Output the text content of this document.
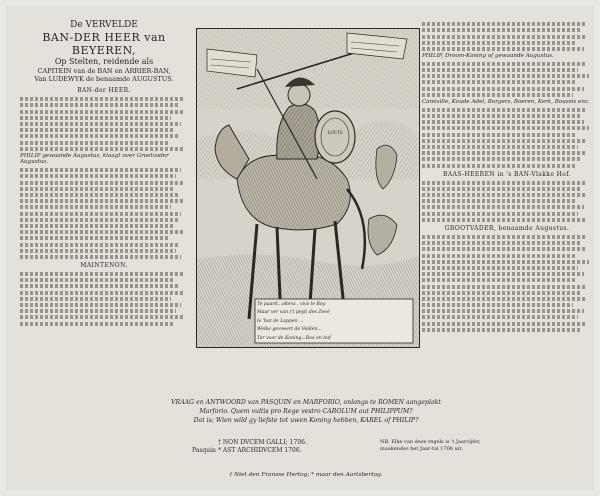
De VERVELDE
BAN-DER HEER van
BEYEREN,
Op Stelten, reidende als
CAPITEIN van de BAN en ARRIER-BAN,
Van LUDEWYK de benaamde AUGUSTUS.
BAN-der HEER.
PHILIP gewaande Augustus, klaagt over Groetvader Augustus.
MAINTENON.
Te paard...ollens . vivo le Roy
Maar ver van ('t peyl) des Zeeë
Is 'but de Lappen ...
Welke gevoeert de Velden...
Ter voor de Koning...Roe en hof
LOUIS
PHILIP, Droom-Koning of gewaande Augustus.
Camisille, Koude Adel, Borgers, Boeren, Kerk, Boussis enz.
BAAS-HEEREN in 's BAN-Vlakke Hof.
GROOTVADER, benaamde Augustus.
VRAAG en ANTWOORD van PASQUIN en MARFORIO, onlangs te ROMEN aangeplakt
Marforio. Quem vultis pro Rege vestro CAROLUM aut PHILIPPUM?
Dat is; Wien wild gy liefste tot uwen Koning hebben, KAREL of PHILIP?
Pasquin
† NON DVCEM GALLI; 1706.
* AST ARCHIDVCEM 1706.
NB. Elke van deze regels is 't Jaarcijfer, maakendes het Jaar-tal 1706 uit.
† Niet den Fransse Hertog; * maar den Aartsbertog.
